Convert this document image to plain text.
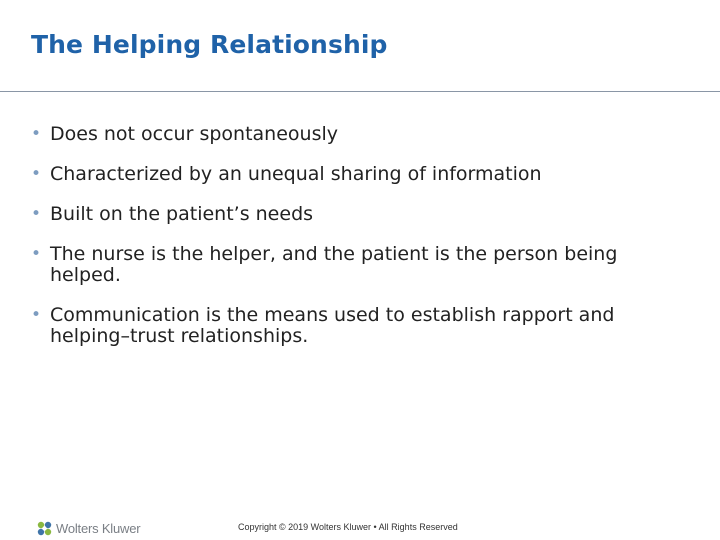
The Helping Relationship
• Does not occur spontaneously
• Characterized by an unequal sharing of information
• Built on the patient’s needs
• The nurse is the helper, and the patient is the person being helped.
• Communication is the means used to establish rapport and helping–trust relationships.
Wolters Kluwer	Copyright © 2019 Wolters Kluwer • All Rights Reserved
